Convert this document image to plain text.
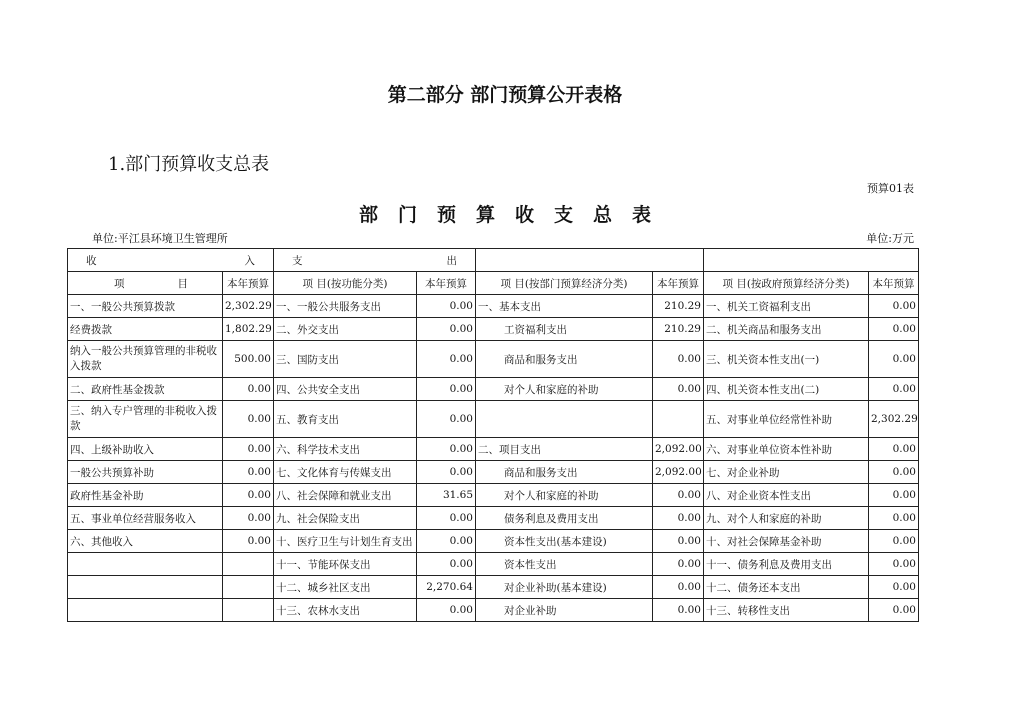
第二部分 部门预算公开表格
1.部门预算收支总表
预算01表
部门预算收支总表
单位:平江县环境卫生管理所	单位:万元
收 入		支 出					

项 目	本年预算	项 目(按功能分类)	本年预算	项 目(按部门预算经济分类)	本年预算	项 目(按政府预算经济分类)	本年预算
一、一般公共预算拨款	2,302.29	一、一般公共服务支出	0.00	一、基本支出	210.29	一、机关工资福利支出	0.00
经费拨款	1,802.29	二、外交支出	0.00	工资福利支出	210.29	二、机关商品和服务支出	0.00
纳入一般公共预算管理的非税收入拨款	500.00	三、国防支出	0.00	商品和服务支出	0.00	三、机关资本性支出(一)	0.00
二、政府性基金拨款	0.00	四、公共安全支出	0.00	对个人和家庭的补助	0.00	四、机关资本性支出(二)	0.00
三、纳入专户管理的非税收入拨款	0.00	五、教育支出	0.00			五、对事业单位经常性补助	2,302.29
四、上级补助收入	0.00	六、科学技术支出	0.00	二、项目支出	2,092.00	六、对事业单位资本性补助	0.00
一般公共预算补助	0.00	七、文化体育与传媒支出	0.00	商品和服务支出	2,092.00	七、对企业补助	0.00
政府性基金补助	0.00	八、社会保障和就业支出	31.65	对个人和家庭的补助	0.00	八、对企业资本性支出	0.00
五、事业单位经营服务收入	0.00	九、社会保险支出	0.00	债务利息及费用支出	0.00	九、对个人和家庭的补助	0.00
六、其他收入	0.00	十、医疗卫生与计划生育支出	0.00	资本性支出(基本建设)	0.00	十、对社会保障基金补助	0.00
		十一、节能环保支出	0.00	资本性支出	0.00	十一、债务利息及费用支出	0.00
		十二、城乡社区支出	2,270.64	对企业补助(基本建设)	0.00	十二、债务还本支出	0.00
		十三、农林水支出	0.00	对企业补助	0.00	十三、转移性支出	0.00
